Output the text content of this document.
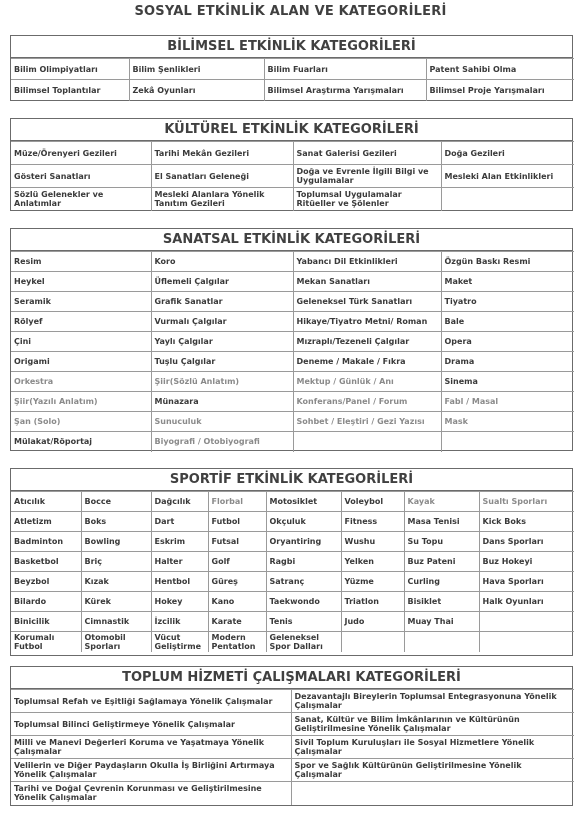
SOSYAL ETKİNLİK ALAN VE KATEGORİLERİ
BİLİMSEL ETKİNLİK KATEGORİLERİ
Bilim Olimpiyatları	Bilim Şenlikleri	Bilim Fuarları	Patent Sahibi Olma
Bilimsel Toplantılar	Zekâ Oyunları	Bilimsel Araştırma Yarışmaları	Bilimsel Proje Yarışmaları
KÜLTÜREL ETKİNLİK KATEGORİLERİ
Müze/Örenyeri Gezileri	Tarihi Mekân Gezileri	Sanat Galerisi Gezileri	Doğa Gezileri
Gösteri Sanatları	El Sanatları Geleneği	Doğa ve Evrenle İlgili Bilgi ve Uygulamalar	Mesleki Alan Etkinlikleri
Sözlü Gelenekler ve Anlatımlar	Mesleki Alanlara Yönelik Tanıtım Gezileri	Toplumsal Uygulamalar Ritüeller ve Şölenler	
SANATSAL ETKİNLİK KATEGORİLERİ
Resim	Koro	Yabancı Dil Etkinlikleri	Özgün Baskı Resmi
Heykel	Üflemeli Çalgılar	Mekan Sanatları	Maket
Seramik	Grafik Sanatlar	Geleneksel Türk Sanatları	Tiyatro
Rölyef	Vurmalı Çalgılar	Hikaye/Tiyatro Metni/ Roman	Bale
Çini	Yaylı Çalgılar	Mızraplı/Tezeneli Çalgılar	Opera
Origami	Tuşlu Çalgılar	Deneme / Makale / Fıkra	Drama
Orkestra	Şiir(Sözlü Anlatım)	Mektup / Günlük / Anı	Sinema
Şiir(Yazılı Anlatım)	Münazara	Konferans/Panel / Forum	Fabl / Masal
Şan (Solo)	Sunuculuk	Sohbet / Eleştiri / Gezi Yazısı	Mask
Mülakat/Röportaj	Biyografi / Otobiyografi		
SPORTİF ETKİNLİK KATEGORİLERİ
Atıcılık	Bocce	Dağcılık	Florbal	Motosiklet	Voleybol	Kayak	Sualtı Sporları
Atletizm	Boks	Dart	Futbol	Okçuluk	Fitness	Masa Tenisi	Kick Boks
Badminton	Bowling	Eskrim	Futsal	Oryantiring	Wushu	Su Topu	Dans Sporları
Basketbol	Briç	Halter	Golf	Ragbi	Yelken	Buz Pateni	Buz Hokeyi
Beyzbol	Kızak	Hentbol	Güreş	Satranç	Yüzme	Curling	Hava Sporları
Bilardo	Kürek	Hokey	Kano	Taekwondo	Triatlon	Bisiklet	Halk Oyunları
Binicilik	Cimnastik	İzcilik	Karate	Tenis	Judo	Muay Thai	
Korumalı Futbol	Otomobil Sporları	Vücut Geliştirme	Modern Pentatlon	Geleneksel Spor Dalları			
TOPLUM HİZMETİ ÇALIŞMALARI KATEGORİLERİ
Toplumsal Refah ve Eşitliği Sağlamaya Yönelik Çalışmalar	Dezavantajlı Bireylerin Toplumsal Entegrasyonuna Yönelik Çalışmalar
Toplumsal Bilinci Geliştirmeye Yönelik Çalışmalar	Sanat, Kültür ve Bilim İmkânlarının ve Kültürünün Geliştirilmesine Yönelik Çalışmalar
Milli ve Manevi Değerleri Koruma ve Yaşatmaya Yönelik Çalışmalar	Sivil Toplum Kuruluşları ile Sosyal Hizmetlere Yönelik Çalışmalar
Velilerin ve Diğer Paydaşların Okulla İş Birliğini Artırmaya Yönelik Çalışmalar	Spor ve Sağlık Kültürünün Geliştirilmesine Yönelik Çalışmalar
Tarihi ve Doğal Çevrenin Korunması ve Geliştirilmesine Yönelik Çalışmalar	
